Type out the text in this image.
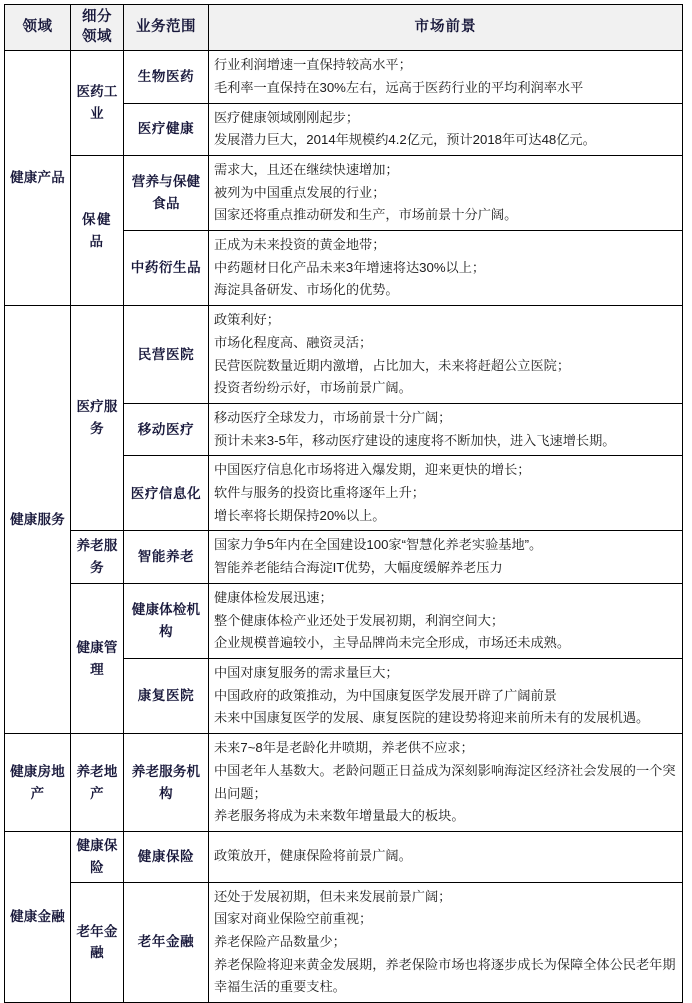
领域	细分领域	业务范围	市场前景
健康产品	医药工业	生物医药	行业利润增速一直保持较高水平；
毛利率一直保持在30%左右，远高于医药行业的平均利润率水平

		医疗健康	医疗健康领域刚刚起步；
发展潜力巨大，2014年规模约4.2亿元，预计2018年可达48亿元。

	保健品	营养与保健食品	需求大，且还在继续快速增加；
被列为中国重点发展的行业；
国家还将重点推动研发和生产，市场前景十分广阔。

		中药衍生品	正成为未来投资的黄金地带；
中药题材日化产品未来3年增速将达30%以上；
海淀具备研发、市场化的优势。

健康服务	医疗服务	民营医院	政策利好；
市场化程度高、融资灵活；
民营医院数量近期内激增，占比加大，未来将赶超公立医院；
投资者纷纷示好，市场前景广阔。

		移动医疗	移动医疗全球发力，市场前景十分广阔；
预计未来3-5年，移动医疗建设的速度将不断加快，进入飞速增长期。

		医疗信息化	中国医疗信息化市场将进入爆发期，迎来更快的增长；
软件与服务的投资比重将逐年上升；
增长率将长期保持20%以上。

	养老服务	智能养老	国家力争5年内在全国建设100家“智慧化养老实验基地”。
智能养老能结合海淀IT优势，大幅度缓解养老压力

	健康管理	健康体检机构	健康体检发展迅速；
整个健康体检产业还处于发展初期，利润空间大；
企业规模普遍较小，主导品牌尚未完全形成，市场还未成熟。

		康复医院	中国对康复服务的需求量巨大；
中国政府的政策推动，为中国康复医学发展开辟了广阔前景
未来中国康复医学的发展、康复医院的建设势将迎来前所未有的发展机遇。

健康房地产	养老地产	养老服务机构	未来7~8年是老龄化井喷期，养老供不应求；
中国老年人基数大。老龄问题正日益成为深刻影响海淀区经济社会发展的一个突出问题；
养老服务将成为未来数年增量最大的板块。

健康金融	健康保险	健康保险	政策放开，健康保险将前景广阔。

	老年金融	老年金融	还处于发展初期，但未来发展前景广阔；
国家对商业保险空前重视；
养老保险产品数量少；
养老保险将迎来黄金发展期，养老保险市场也将逐步成长为保障全体公民老年期幸福生活的重要支柱。
